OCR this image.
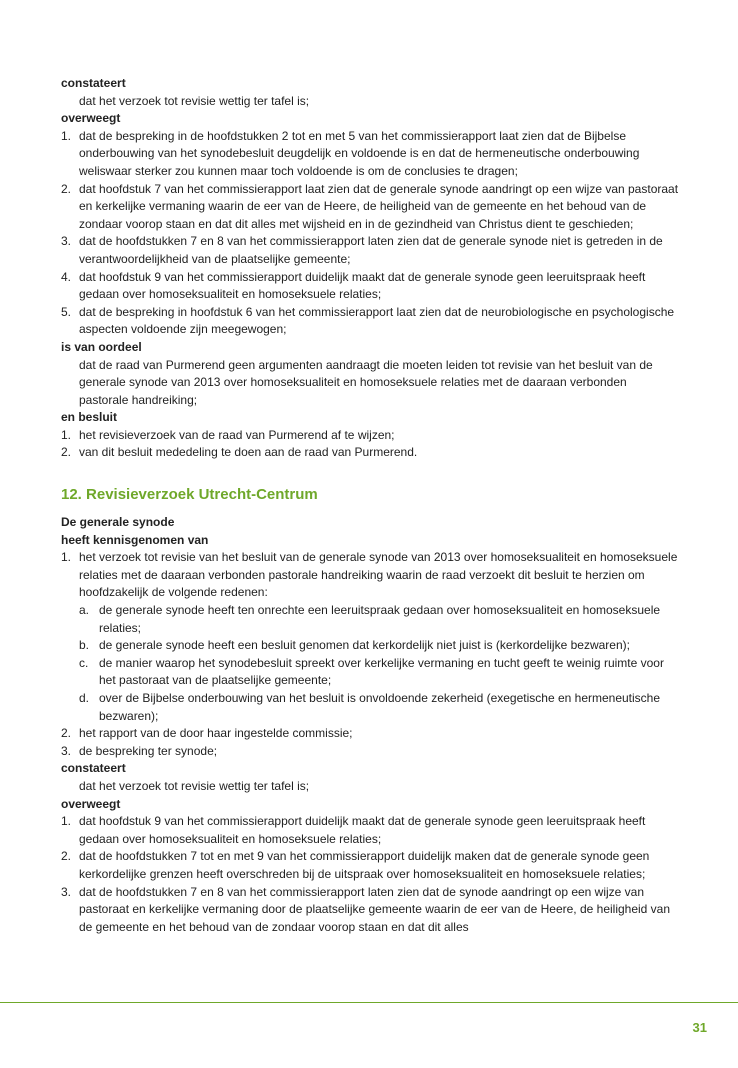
constateert
dat het verzoek tot revisie wettig ter tafel is;
overweegt
1. dat de bespreking in de hoofdstukken 2 tot en met 5 van het commissierapport laat zien dat de Bijbelse onderbouwing van het synodebesluit deugdelijk en voldoende is en dat de hermeneutische onderbouwing weliswaar sterker zou kunnen maar toch voldoende is om de conclusies te dragen;
2. dat hoofdstuk 7 van het commissierapport laat zien dat de generale synode aandringt op een wijze van pastoraat en kerkelijke vermaning waarin de eer van de Heere, de heiligheid van de gemeente en het behoud van de zondaar voorop staan en dat dit alles met wijsheid en in de gezindheid van Christus dient te geschieden;
3. dat de hoofdstukken 7 en 8 van het commissierapport laten zien dat de generale synode niet is getreden in de verantwoordelijkheid van de plaatselijke gemeente;
4. dat hoofdstuk 9 van het commissierapport duidelijk maakt dat de generale synode geen leeruitspraak heeft gedaan over homoseksualiteit en homoseksuele relaties;
5. dat de bespreking in hoofdstuk 6 van het commissierapport laat zien dat de neurobiologische en psychologische aspecten voldoende zijn meegewogen;
is van oordeel
dat de raad van Purmerend geen argumenten aandraagt die moeten leiden tot revisie van het besluit van de generale synode van 2013 over homoseksualiteit en homoseksuele relaties met de daaraan verbonden pastorale handreiking;
en besluit
1. het revisieverzoek van de raad van Purmerend af te wijzen;
2. van dit besluit mededeling te doen aan de raad van Purmerend.
12. Revisieverzoek Utrecht-Centrum
De generale synode
heeft kennisgenomen van
1. het verzoek tot revisie van het besluit van de generale synode van 2013 over homoseksualiteit en homoseksuele relaties met de daaraan verbonden pastorale handreiking waarin de raad verzoekt dit besluit te herzien om hoofdzakelijk de volgende redenen:
a. de generale synode heeft ten onrechte een leeruitspraak gedaan over homoseksualiteit en homoseksuele relaties;
b. de generale synode heeft een besluit genomen dat kerkordelijk niet juist is (kerkordelijke bezwaren);
c. de manier waarop het synodebesluit spreekt over kerkelijke vermaning en tucht geeft te weinig ruimte voor het pastoraat van de plaatselijke gemeente;
d. over de Bijbelse onderbouwing van het besluit is onvoldoende zekerheid (exegetische en hermeneutische bezwaren);
2. het rapport van de door haar ingestelde commissie;
3. de bespreking ter synode;
constateert
dat het verzoek tot revisie wettig ter tafel is;
overweegt
1. dat hoofdstuk 9 van het commissierapport duidelijk maakt dat de generale synode geen leeruitspraak heeft gedaan over homoseksualiteit en homoseksuele relaties;
2. dat de hoofdstukken 7 tot en met 9 van het commissierapport duidelijk maken dat de generale synode geen kerkordelijke grenzen heeft overschreden bij de uitspraak over homoseksualiteit en homoseksuele relaties;
3. dat de hoofdstukken 7 en 8 van het commissierapport laten zien dat de synode aandringt op een wijze van pastoraat en kerkelijke vermaning door de plaatselijke gemeente waarin de eer van de Heere, de heiligheid van de gemeente en het behoud van de zondaar voorop staan en dat dit alles
31
